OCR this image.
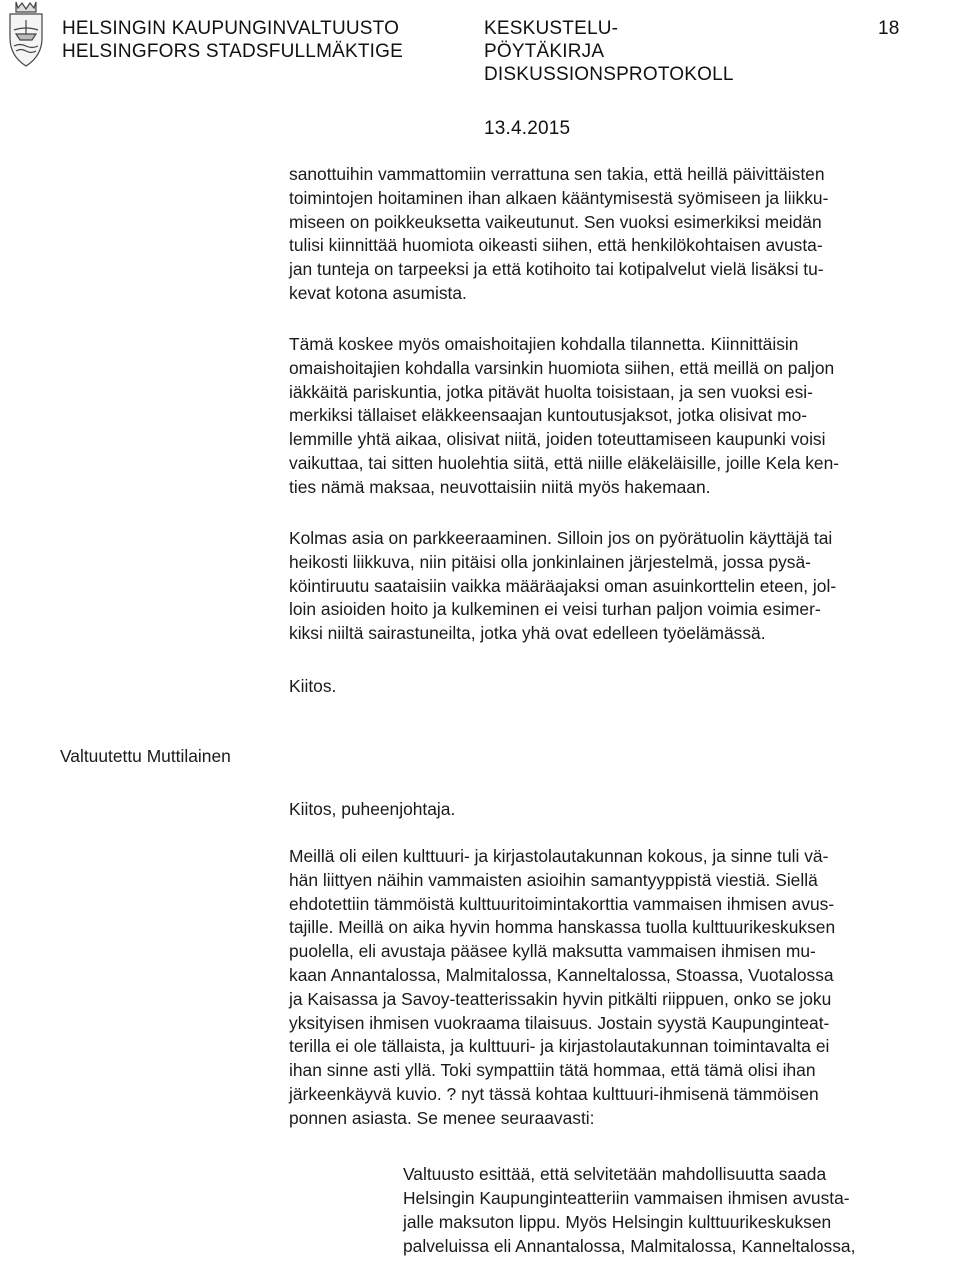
HELSINGIN KAUPUNGINVALTUUSTO
HELSINGFORS STADSFULLMÄKTIGE
KESKUSTELU-
PÖYTÄKIRJA
DISKUSSIONSPROTOKOLL
18
13.4.2015
sanottuihin vammattomiin verrattuna sen takia, että heillä päivittäisten
toimintojen hoitaminen ihan alkaen kääntymisestä syömiseen ja liikku-
miseen on poikkeuksetta vaikeutunut. Sen vuoksi esimerkiksi meidän
tulisi kiinnittää huomiota oikeasti siihen, että henkilökohtaisen avusta-
jan tunteja on tarpeeksi ja että kotihoito tai kotipalvelut vielä lisäksi tu-
kevat kotona asumista.
Tämä koskee myös omaishoitajien kohdalla tilannetta. Kiinnittäisin
omaishoitajien kohdalla varsinkin huomiota siihen, että meillä on paljon
iäkkäitä pariskuntia, jotka pitävät huolta toisistaan, ja sen vuoksi esi-
merkiksi tällaiset eläkkeensaajan kuntoutusjaksot, jotka olisivat mo-
lemmille yhtä aikaa, olisivat niitä, joiden toteuttamiseen kaupunki voisi
vaikuttaa, tai sitten huolehtia siitä, että niille eläkeläisille, joille Kela ken-
ties nämä maksaa, neuvottaisiin niitä myös hakemaan.
Kolmas asia on parkkeeraaminen. Silloin jos on pyörätuolin käyttäjä tai
heikosti liikkuva, niin pitäisi olla jonkinlainen järjestelmä, jossa pysä-
köintiruutu saataisiin vaikka määräajaksi oman asuinkorttelin eteen, jol-
loin asioiden hoito ja kulkeminen ei veisi turhan paljon voimia esimer-
kiksi niiltä sairastuneilta, jotka yhä ovat edelleen työelämässä.
Kiitos.
Valtuutettu Muttilainen
Kiitos, puheenjohtaja.
Meillä oli eilen kulttuuri- ja kirjastolautakunnan kokous, ja sinne tuli vä-
hän liittyen näihin vammaisten asioihin samantyyppistä viestiä. Siellä
ehdotettiin tämmöistä kulttuuritoimintakorttia vammaisen ihmisen avus-
tajille. Meillä on aika hyvin homma hanskassa tuolla kulttuurikeskuksen
puolella, eli avustaja pääsee kyllä maksutta vammaisen ihmisen mu-
kaan Annantalossa, Malmitalossa, Kanneltalossa, Stoassa, Vuotalossa
ja Kaisassa ja Savoy-teatterissakin hyvin pitkälti riippuen, onko se joku
yksityisen ihmisen vuokraama tilaisuus. Jostain syystä Kaupunginteat-
terilla ei ole tällaista, ja kulttuuri- ja kirjastolautakunnan toimintavalta ei
ihan sinne asti yllä. Toki sympattiin tätä hommaa, että tämä olisi ihan
järkeenkäyvä kuvio. ? nyt tässä kohtaa kulttuuri-ihmisenä tämmöisen
ponnen asiasta. Se menee seuraavasti:
Valtuusto esittää, että selvitetään mahdollisuutta saada
Helsingin Kaupunginteatteriin vammaisen ihmisen avusta-
jalle maksuton lippu. Myös Helsingin kulttuurikeskuksen
palveluissa eli Annantalossa, Malmitalossa, Kanneltalossa,
